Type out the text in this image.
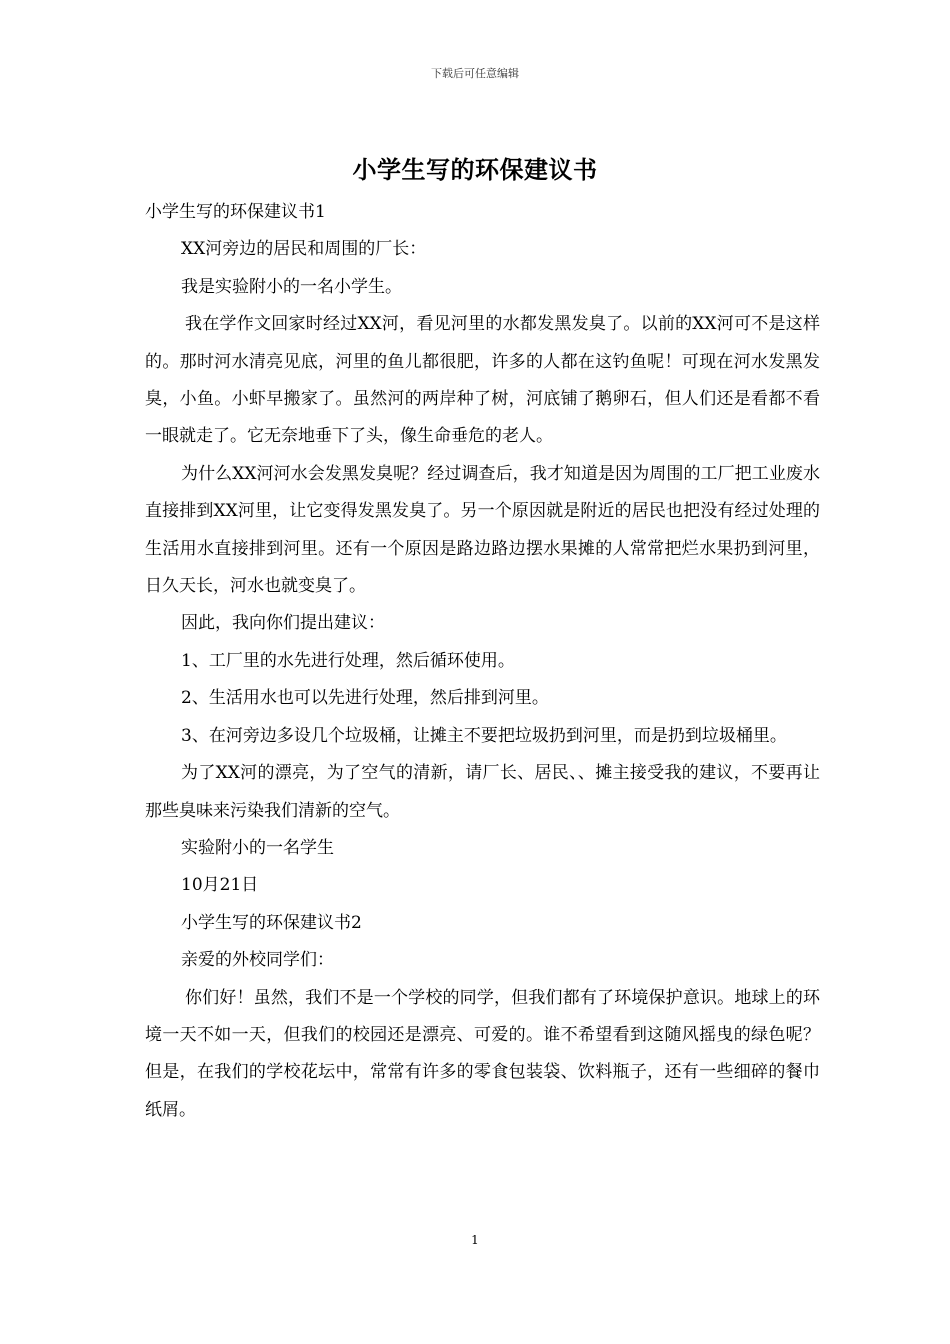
下载后可任意编辑
小学生写的环保建议书

小学生写的环保建议书1

XX河旁边的居民和周围的厂长：

我是实验附小的一名小学生。

我在学作文回家时经过XX河，看见河里的水都发黑发臭了。以前的XX河可不是这样的。那时河水清亮见底，河里的鱼儿都很肥，许多的人都在这钓鱼呢！可现在河水发黑发臭，小鱼。小虾早搬家了。虽然河的两岸种了树，河底铺了鹅卵石，但人们还是看都不看一眼就走了。它无奈地垂下了头，像生命垂危的老人。

为什么XX河河水会发黑发臭呢？经过调查后，我才知道是因为周围的工厂把工业废水直接排到XX河里，让它变得发黑发臭了。另一个原因就是附近的居民也把没有经过处理的生活用水直接排到河里。还有一个原因是路边路边摆水果摊的人常常把烂水果扔到河里，日久天长，河水也就变臭了。

因此，我向你们提出建议：

1、工厂里的水先进行处理，然后循环使用。

2、生活用水也可以先进行处理，然后排到河里。

3、在河旁边多设几个垃圾桶，让摊主不要把垃圾扔到河里，而是扔到垃圾桶里。

为了XX河的漂亮，为了空气的清新，请厂长、居民、、摊主接受我的建议，不要再让那些臭味来污染我们清新的空气。

实验附小的一名学生

10月21日

小学生写的环保建议书2

亲爱的外校同学们：

你们好！虽然，我们不是一个学校的同学，但我们都有了环境保护意识。地球上的环境一天不如一天，但我们的校园还是漂亮、可爱的。谁不希望看到这随风摇曳的绿色呢？但是，在我们的学校花坛中，常常有许多的零食包装袋、饮料瓶子，还有一些细碎的餐巾纸屑。

1
